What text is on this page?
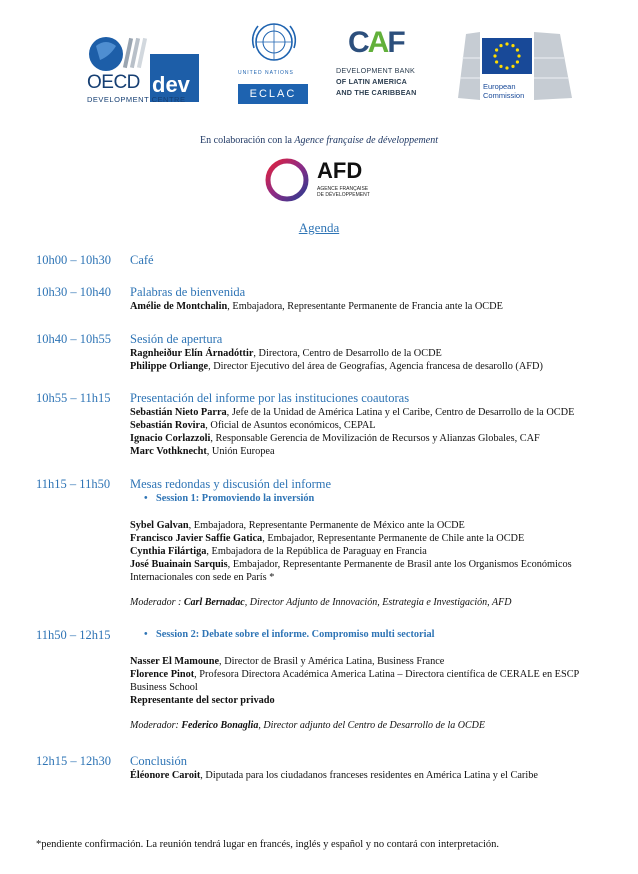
OECD dev
DEVELOPMENT CENTRE
UNITED NATIONS
ECLAC
CAF
DEVELOPMENT BANK
OF LATIN AMERICA
AND THE CARIBBEAN
European
Commission
En colaboración con la Agence française de développement
AFD
AGENCE FRANÇAISE
DE DÉVELOPPEMENT
Agenda
10h00 – 10h30 Café
10h30 – 10h40 Palabras de bienvenida
Amélie de Montchalin, Embajadora, Representante Permanente de Francia ante la OCDE
10h40 – 10h55 Sesión de apertura
Ragnheiður Elín Árnadóttir, Directora, Centro de Desarrollo de la OCDE
Philippe Orliange, Director Ejecutivo del área de Geografías, Agencia francesa de desarollo (AFD)
10h55 – 11h15 Presentación del informe por las instituciones coautoras
Sebastián Nieto Parra, Jefe de la Unidad de América Latina y el Caribe, Centro de Desarrollo de la OCDE
Sebastián Rovira, Oficial de Asuntos económicos, CEPAL
Ignacio Corlazzoli, Responsable Gerencia de Movilización de Recursos y Alianzas Globales, CAF
Marc Vothknecht, Unión Europea
11h15 – 11h50 Mesas redondas y discusión del informe
• Session 1: Promoviendo la inversión
Sybel Galvan, Embajadora, Representante Permanente de México ante la OCDE
Francisco Javier Saffie Gatica, Embajador, Representante Permanente de Chile ante la OCDE
Cynthia Filártiga, Embajadora de la República de Paraguay en Francia
José Buainain Sarquis, Embajador, Representante Permanente de Brasil ante los Organismos Económicos Internacionales con sede en París *
Moderador : Carl Bernadac, Director Adjunto de Innovación, Estrategia e Investigación, AFD
11h50 – 12h15
•	Session 2: Debate sobre el informe. Compromiso multi sectorial
Nasser El Mamoune, Director de Brasil y América Latina, Business France
Florence Pinot, Profesora Directora Académica America Latina – Directora científica de CERALE en ESCP Business School
Representante del sector privado
Moderador: Federico Bonaglia, Director adjunto del Centro de Desarrollo de la OCDE
12h15 – 12h30 Conclusión
Éléonore Caroit, Diputada para los ciudadanos franceses residentes en América Latina y el Caribe
*pendiente confirmación. La reunión tendrá lugar en francés, inglés y español y no contará con interpretación.
